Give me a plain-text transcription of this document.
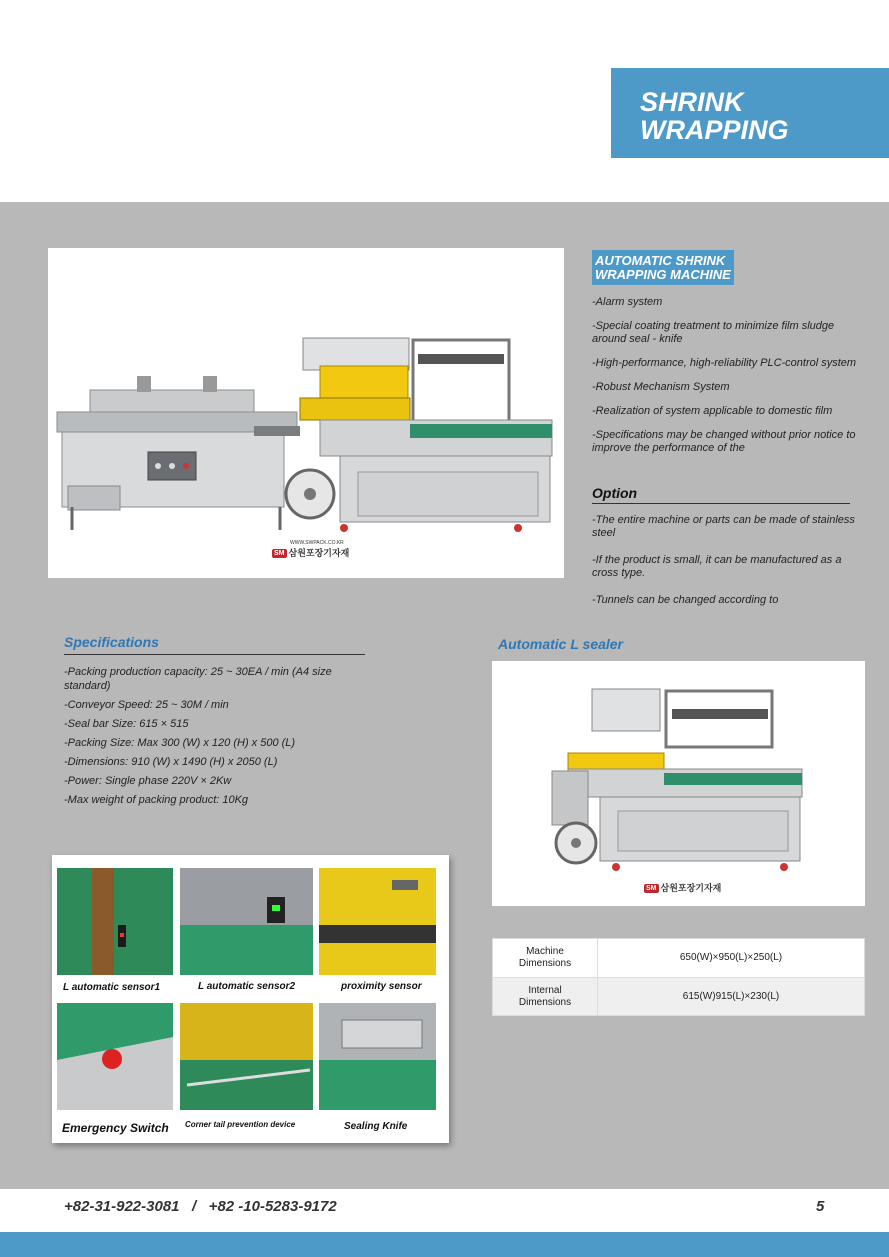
SHRINK
WRAPPING
WWW.SWPACK.CO.KR
SM 삼원포장기자재
AUTOMATIC SHRINK
WRAPPING MACHINE
-Alarm system
-Special coating treatment to minimize film sludge around seal - knife
-High-performance, high-reliability PLC-control system
-Robust Mechanism System
-Realization of system applicable to domestic film
-Specifications may be changed without prior notice to improve the performance of the
Option
-The entire machine or parts can be made of stainless steel
-If the product is small, it can be manufactured as a cross type.
-Tunnels can be changed according to
Specifications
-Packing production capacity: 25 ~ 30EA / min (A4 size standard)
-Conveyor Speed: 25 ~ 30M / min
-Seal bar Size: 615 × 515
-Packing Size: Max 300 (W) x 120 (H) x 500 (L)
-Dimensions: 910 (W) x 1490 (H) x 2050 (L)
-Power: Single phase 220V × 2Kw
-Max weight of packing product: 10Kg
Automatic L sealer
SM 삼원포장기자재
Machine
Dimensions	650(W)×950(L)×250(L)
Internal
Dimensions	615(W)915(L)×230(L)
L automatic sensor1	L automatic sensor2	proximity sensor
Emergency Switch Corner tail prevention device	Sealing Knife
+82-31-922-3081   /   +82 -10-5283-9172	5
